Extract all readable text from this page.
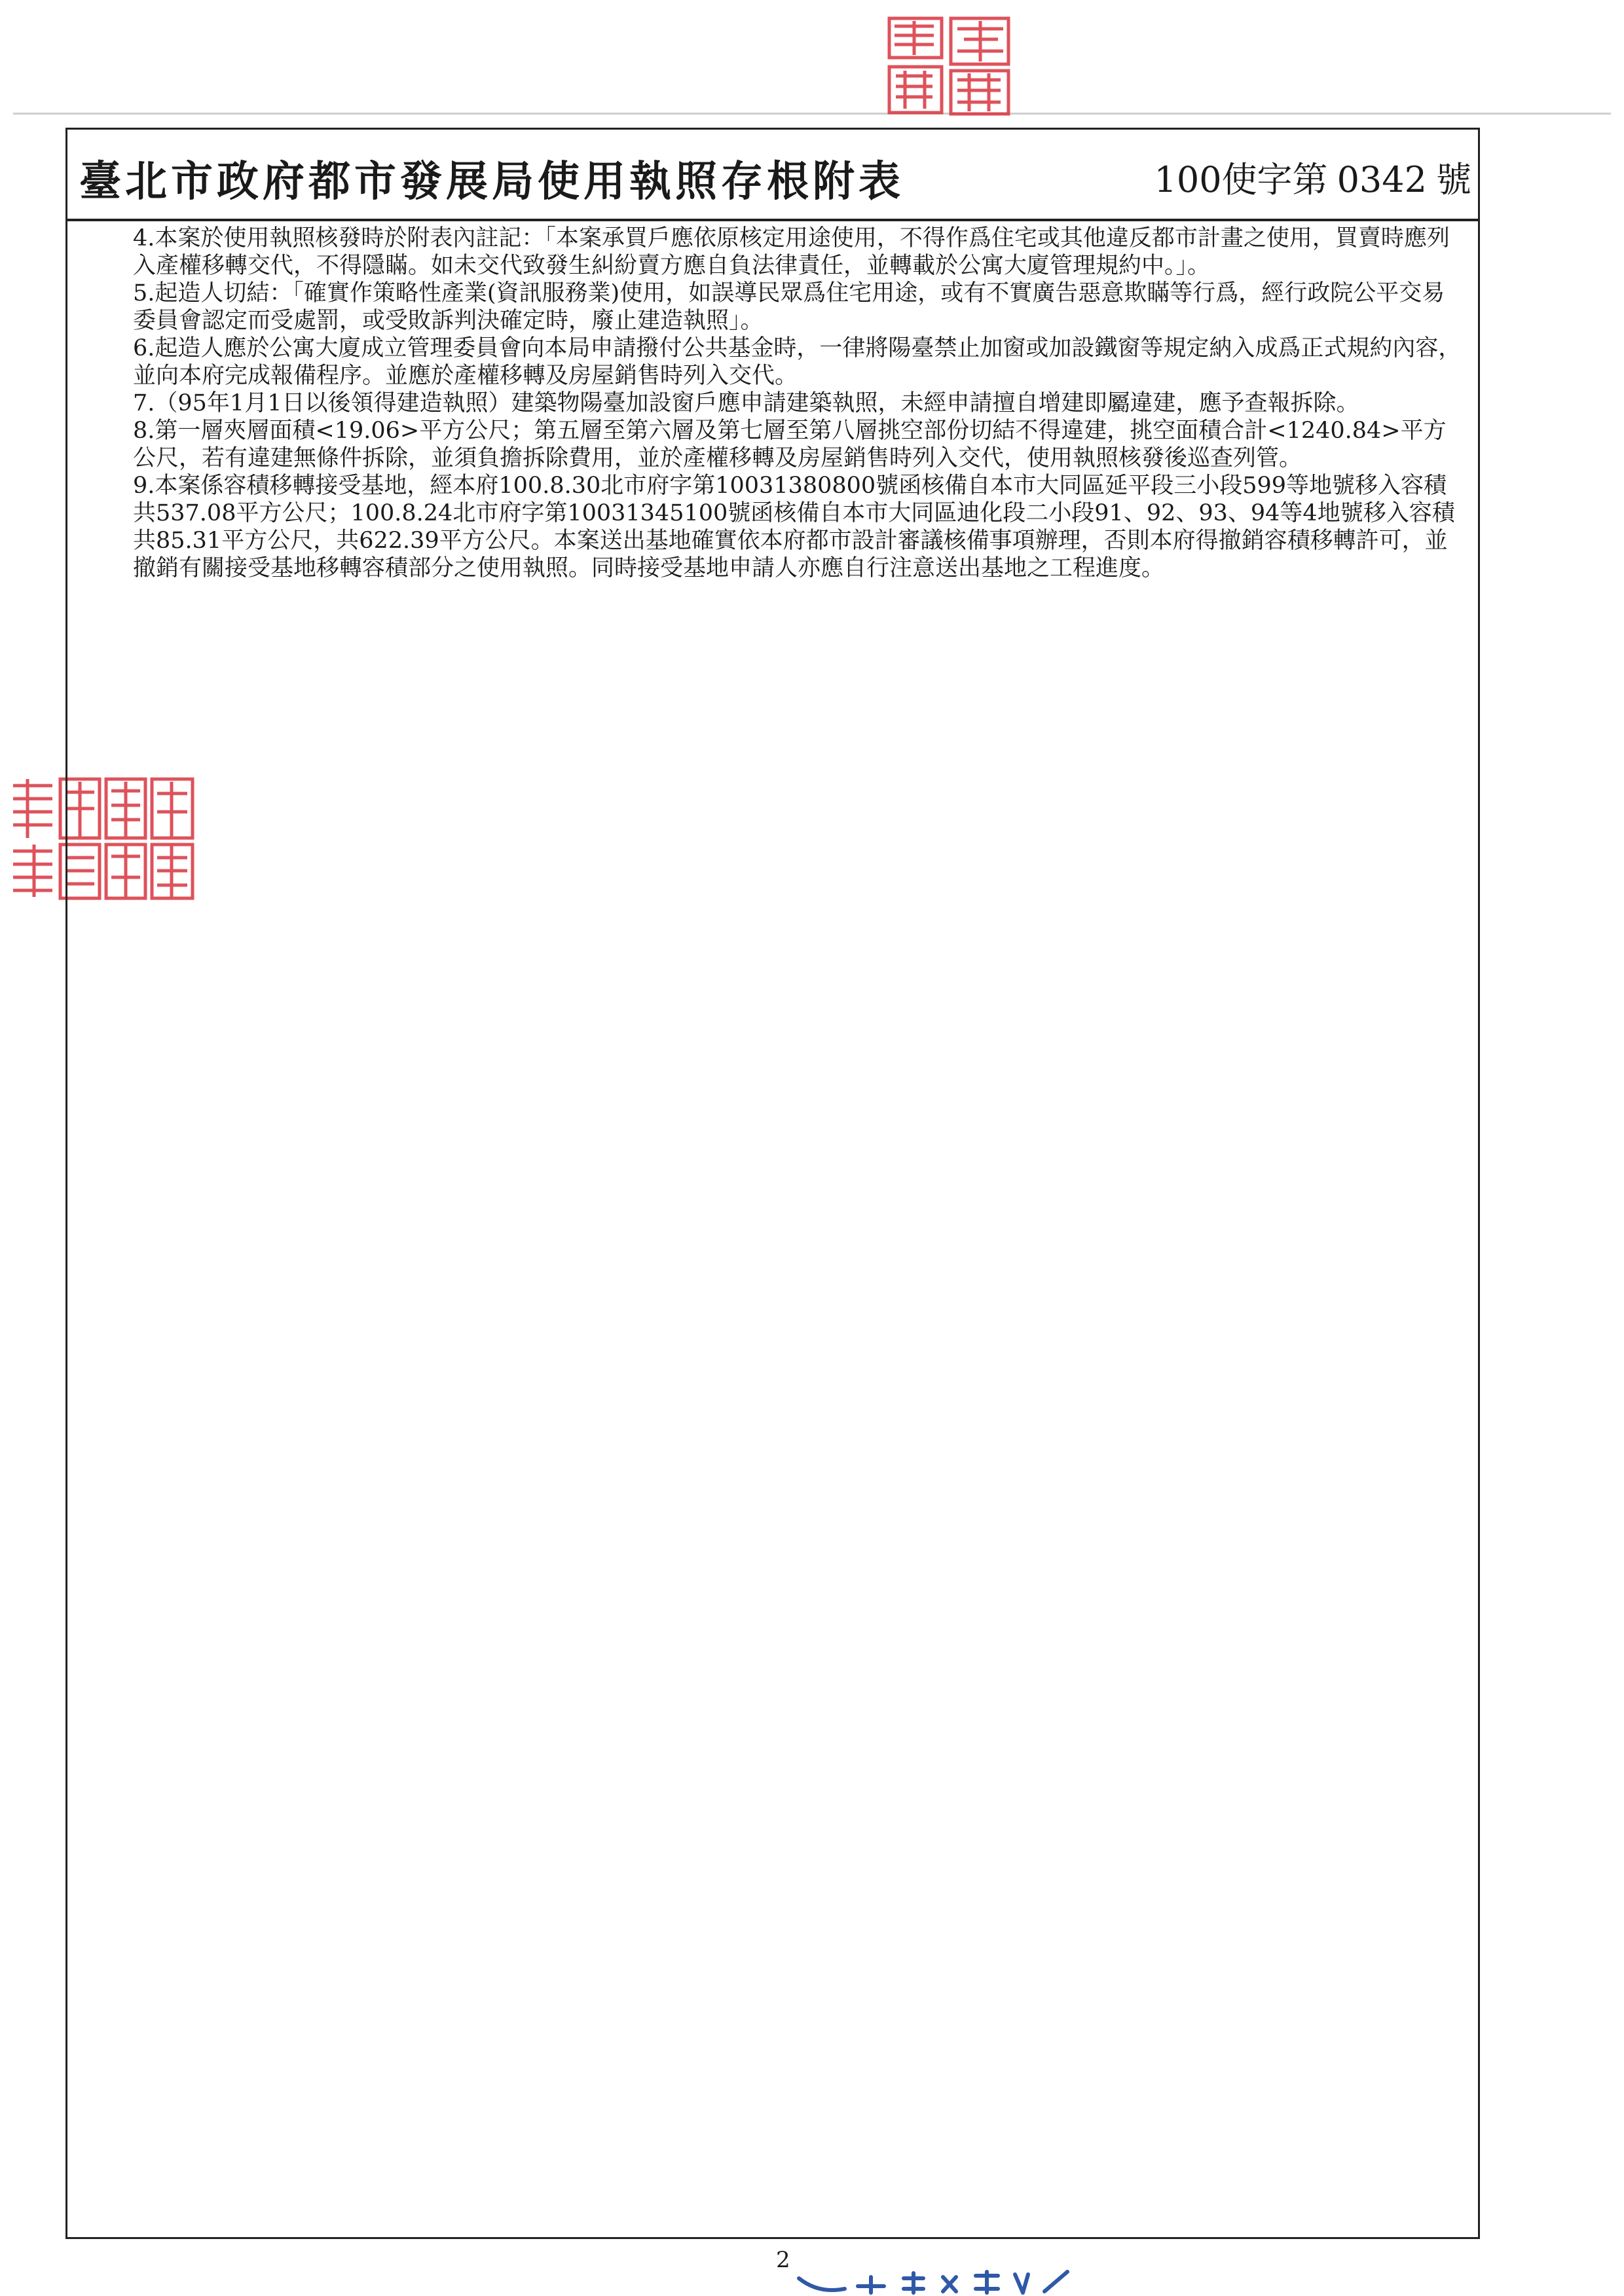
臺北市政府都市發展局使用執照存根附表	100使字第 0342 號

4.本案於使用執照核發時於附表內註記：「本案承買戶應依原核定用途使用，不得作爲住宅或其他違反都市計畫之使用，買賣時應列入產權移轉交代，不得隱瞞。如未交代致發生糾紛賣方應自負法律責任，並轉載於公寓大廈管理規約中。」。

5.起造人切結：「確實作策略性產業(資訊服務業)使用，如誤導民眾爲住宅用途，或有不實廣告惡意欺瞞等行爲，經行政院公平交易委員會認定而受處罰，或受敗訴判決確定時，廢止建造執照」。

6.起造人應於公寓大廈成立管理委員會向本局申請撥付公共基金時，一律將陽臺禁止加窗或加設鐵窗等規定納入成爲正式規約內容，並向本府完成報備程序。並應於產權移轉及房屋銷售時列入交代。

7.（95年1月1日以後領得建造執照）建築物陽臺加設窗戶應申請建築執照，未經申請擅自增建即屬違建，應予查報拆除。

8.第一層夾層面積<19.06>平方公尺；第五層至第六層及第七層至第八層挑空部份切結不得違建，挑空面積合計<1240.84>平方公尺，若有違建無條件拆除，並須負擔拆除費用，並於產權移轉及房屋銷售時列入交代，使用執照核發後巡查列管。

9.本案係容積移轉接受基地，經本府100.8.30北市府字第10031380800號函核備自本市大同區延平段三小段599等地號移入容積共537.08平方公尺；100.8.24北市府字第10031345100號函核備自本市大同區迪化段二小段91、92、93、94等4地號移入容積共85.31平方公尺，共622.39平方公尺。本案送出基地確實依本府都市設計審議核備事項辦理，否則本府得撤銷容積移轉許可，並撤銷有關接受基地移轉容積部分之使用執照。同時接受基地申請人亦應自行注意送出基地之工程進度。

2
